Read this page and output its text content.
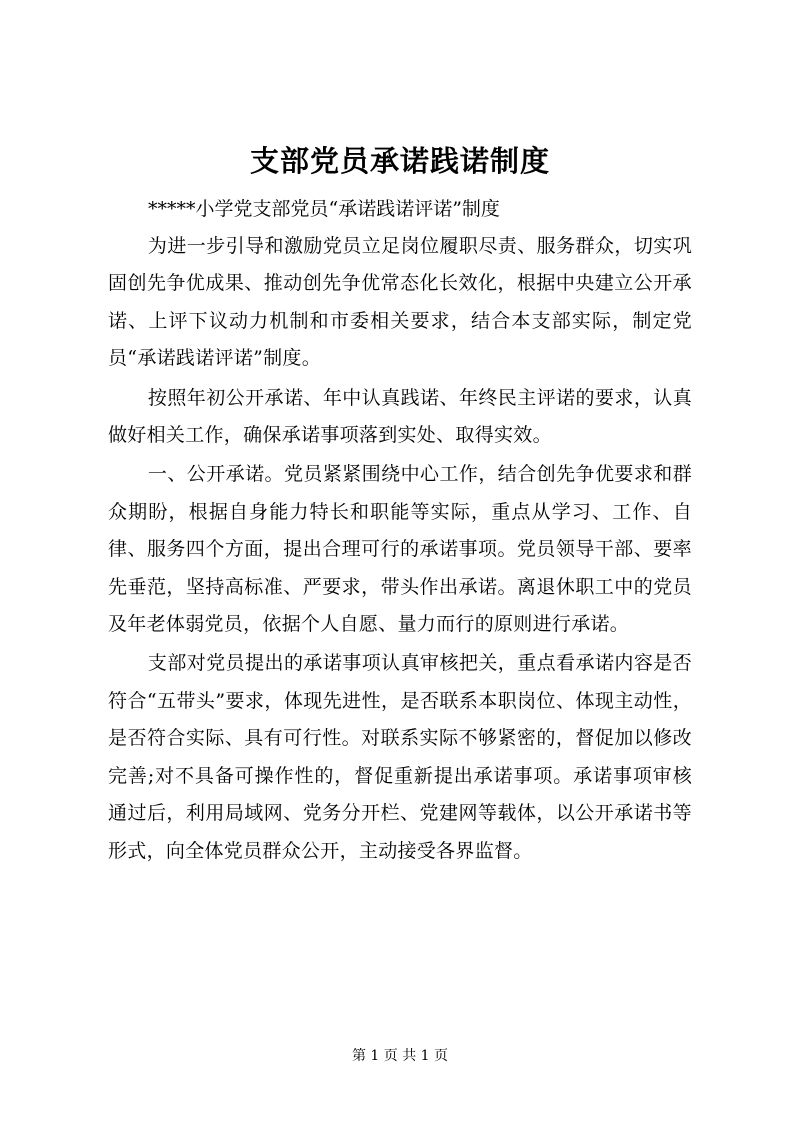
支部党员承诺践诺制度

*****小学党支部党员“承诺践诺评诺”制度

为进一步引导和激励党员立足岗位履职尽责、服务群众，切实巩固创先争优成果、推动创先争优常态化长效化，根据中央建立公开承诺、上评下议动力机制和市委相关要求，结合本支部实际，制定党员“承诺践诺评诺”制度。

按照年初公开承诺、年中认真践诺、年终民主评诺的要求，认真做好相关工作，确保承诺事项落到实处、取得实效。

一、公开承诺。党员紧紧围绕中心工作，结合创先争优要求和群众期盼，根据自身能力特长和职能等实际，重点从学习、工作、自律、服务四个方面，提出合理可行的承诺事项。党员领导干部、要率先垂范，坚持高标准、严要求，带头作出承诺。离退休职工中的党员及年老体弱党员，依据个人自愿、量力而行的原则进行承诺。

支部对党员提出的承诺事项认真审核把关，重点看承诺内容是否符合“五带头”要求，体现先进性，是否联系本职岗位、体现主动性，是否符合实际、具有可行性。对联系实际不够紧密的，督促加以修改完善;对不具备可操作性的，督促重新提出承诺事项。承诺事项审核通过后，利用局域网、党务分开栏、党建网等载体，以公开承诺书等形式，向全体党员群众公开，主动接受各界监督。

第 1 页 共 1 页
